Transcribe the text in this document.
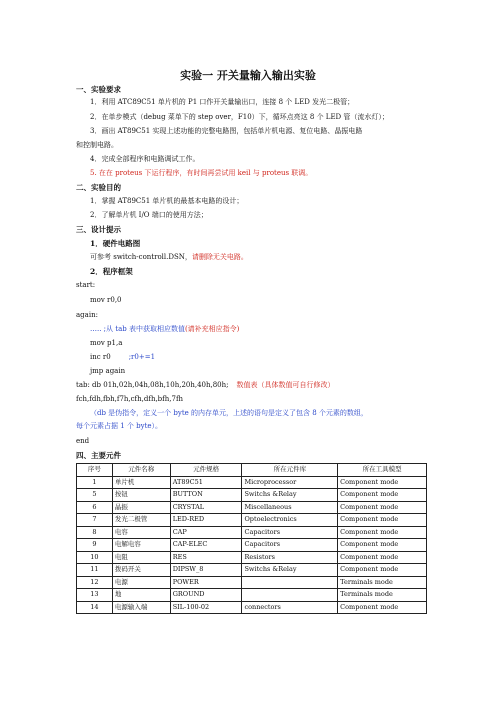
实验一 开关量输入输出实验
一、实验要求
1．利用 ATC89C51 单片机的 P1 口作开关量输出口，连接 8 个 LED 发光二极管；
2．在单步模式（debug 菜单下的 step over，F10）下，循环点亮这 8 个 LED 管（流水灯）；
3．画出 AT89C51 实现上述功能的完整电路图，包括单片机电源、复位电路、晶振电路
和控制电路。
4．完成全部程序和电路调试工作。
5. 在在 proteus 下运行程序，有时间再尝试用 keil 与 proteus 联调。
二、实验目的
1．掌握 AT89C51 单片机的最基本电路的设计；
2．了解单片机 I/O 端口的使用方法；
三、设计提示
1．硬件电路图
可参考 switch-controll.DSN，请删除无关电路。
2．程序框架
start:
mov r0,0
again:
….. ;从 tab 表中获取相应数值(请补充相应指令)
mov p1,a
inc r0	;r0+=1
jmp again
tab: db 01h,02h,04h,08h,10h,20h,40h,80h; 数值表（具体数值可自行修改）
fch,fdh,fbh,f7h,cfh,dfh,bfh,7fh
（db 是伪指令，定义一个 byte 的内存单元，上述的语句是定义了包含 8 个元素的数组，
每个元素占据 1 个 byte）。
end
四、主要元件
序号	元件名称	元件规格	所在元件库	所在工具模型
1	单片机	AT89C51	Microprocessor	Component mode
5	按钮	BUTTON	Switchs &Relay	Component mode
6	晶振	CRYSTAL	Miscellaneous	Component mode
7	发光二极管	LED-RED	Optoelectronics	Component mode
8	电容	CAP	Capacitors	Component mode
9	电解电容	CAP-ELEC	Capacitors	Component mode
10	电阻	RES	Resistors	Component mode
11	拨码开关	DIPSW_8	Switchs &Relay	Component mode
12	电源	POWER		Terminals mode
13	地	GROUND		Terminals mode
14	电源输入端	SIL-100-02	connectors	Component mode
